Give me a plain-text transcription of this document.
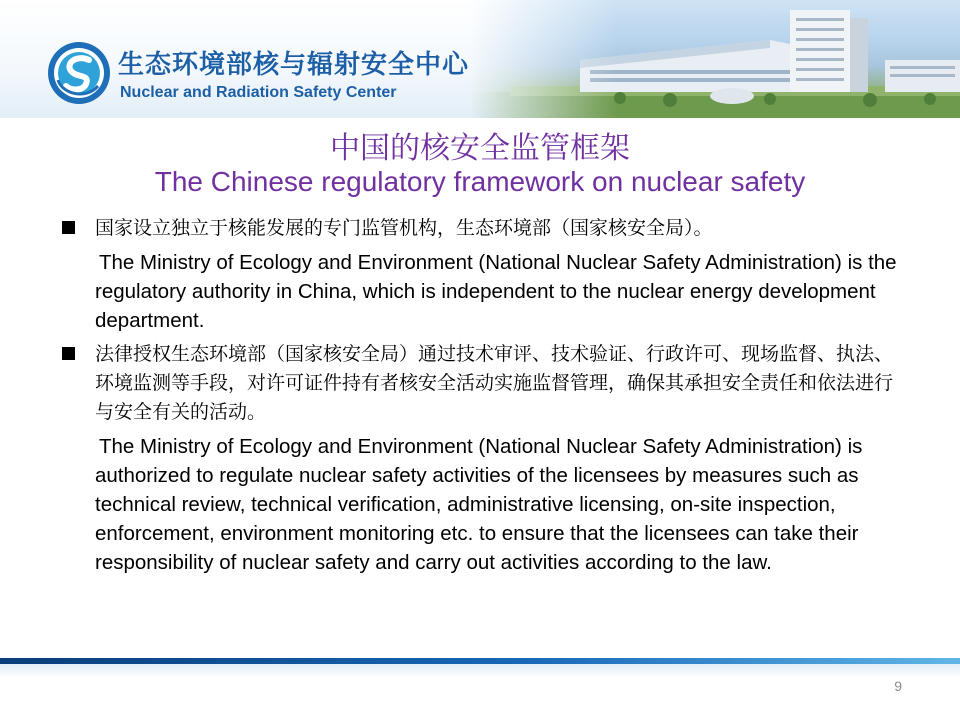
生态环境部核与辐射安全中心
Nuclear and Radiation Safety Center
中国的核安全监管框架
The Chinese regulatory framework on nuclear safety
国家设立独立于核能发展的专门监管机构，生态环境部（国家核安全局）。
The Ministry of Ecology and Environment (National Nuclear Safety Administration) is the regulatory authority in China, which is independent to the nuclear energy development department.
法律授权生态环境部（国家核安全局）通过技术审评、技术验证、行政许可、现场监督、执法、环境监测等手段，对许可证件持有者核安全活动实施监督管理，确保其承担安全责任和依法进行与安全有关的活动。
The Ministry of Ecology and Environment (National Nuclear Safety Administration) is authorized to regulate nuclear safety activities of the licensees by measures such as technical review, technical verification, administrative licensing, on-site inspection, enforcement, environment monitoring etc. to ensure that the licensees can take their responsibility of nuclear safety and carry out activities according to the law.
9
